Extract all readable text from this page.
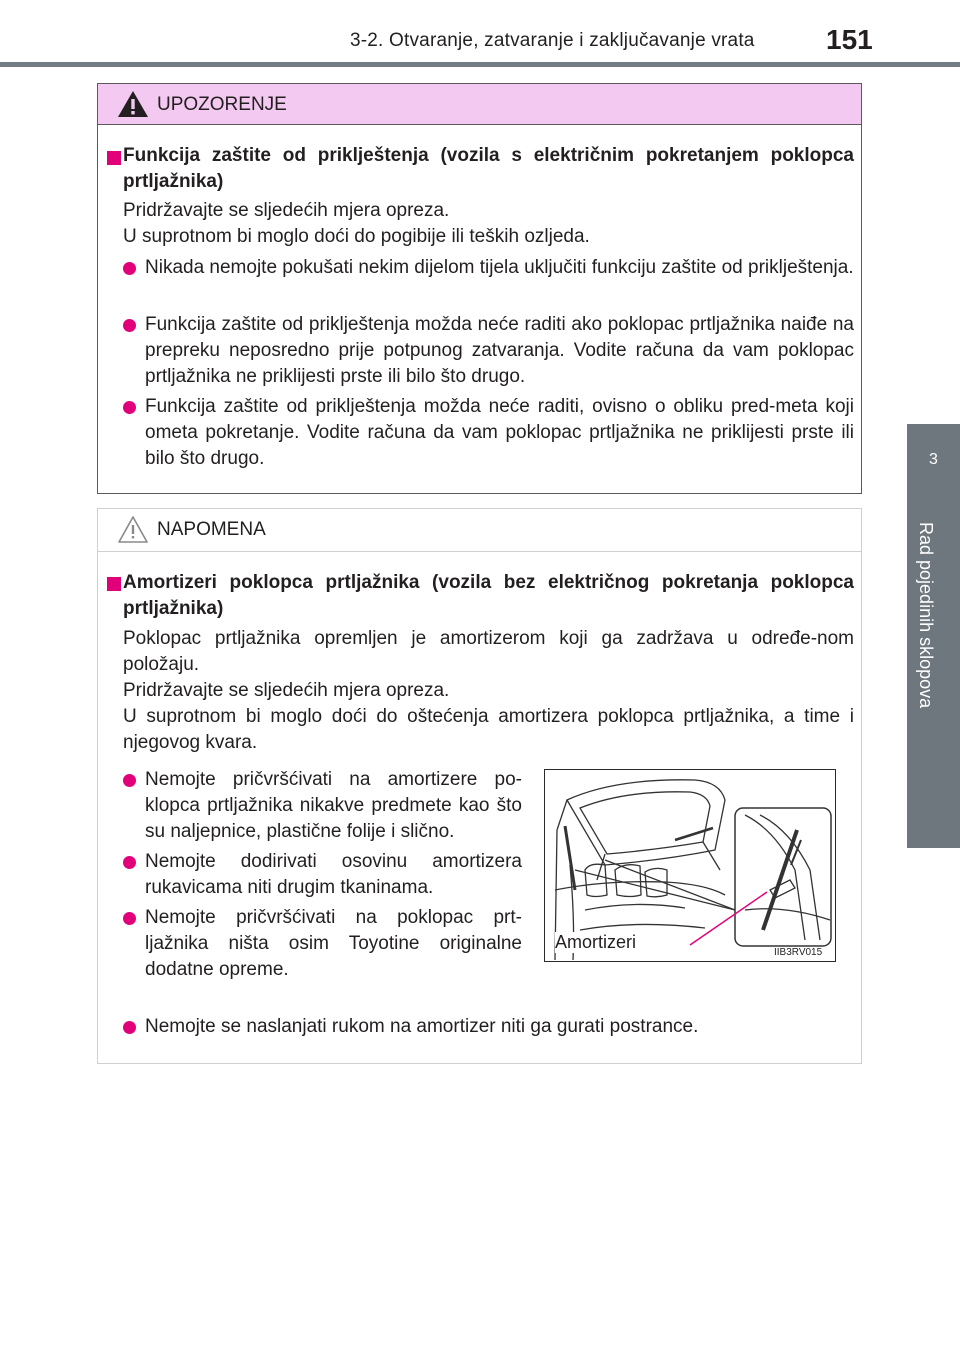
3-2. Otvaranje, zatvaranje i zaključavanje vrata	151
3
Rad pojedinih sklopova
UPOZORENJE
Funkcija zaštite od priklještenja (vozila s električnim pokretanjem poklopca prtljažnika)
Pridržavajte se sljedećih mjera opreza.
U suprotnom bi moglo doći do pogibije ili teških ozljeda.
Nikada nemojte pokušati nekim dijelom tijela uključiti funkciju zaštite od priklještenja.
Funkcija zaštite od priklještenja možda neće raditi ako poklopac prtljažnika naiđe na prepreku neposredno prije potpunog zatvaranja. Vodite računa da vam poklopac prtljažnika ne priklijesti prste ili bilo što drugo.
Funkcija zaštite od priklještenja možda neće raditi, ovisno o obliku pred-meta koji ometa pokretanje. Vodite računa da vam poklopac prtljažnika ne priklijesti prste ili bilo što drugo.
NAPOMENA
Amortizeri poklopca prtljažnika (vozila bez električnog pokretanja poklopca prtljažnika)
Poklopac prtljažnika opremljen je amortizerom koji ga zadržava u određe-nom položaju.
Pridržavajte se sljedećih mjera opreza.
U suprotnom bi moglo doći do oštećenja amortizera poklopca prtljažnika, a time i njegovog kvara.
Nemojte pričvršćivati na amortizere po-klopca prtljažnika nikakve predmete kao što su naljepnice, plastične folije i slično.
Nemojte dodirivati osovinu amortizera rukavicama niti drugim tkaninama.
Nemojte pričvršćivati na poklopac prt-ljažnika ništa osim Toyotine originalne dodatne opreme.
Nemojte se naslanjati rukom na amortizer niti ga gurati postrance.
Amortizeri
IIB3RV015
